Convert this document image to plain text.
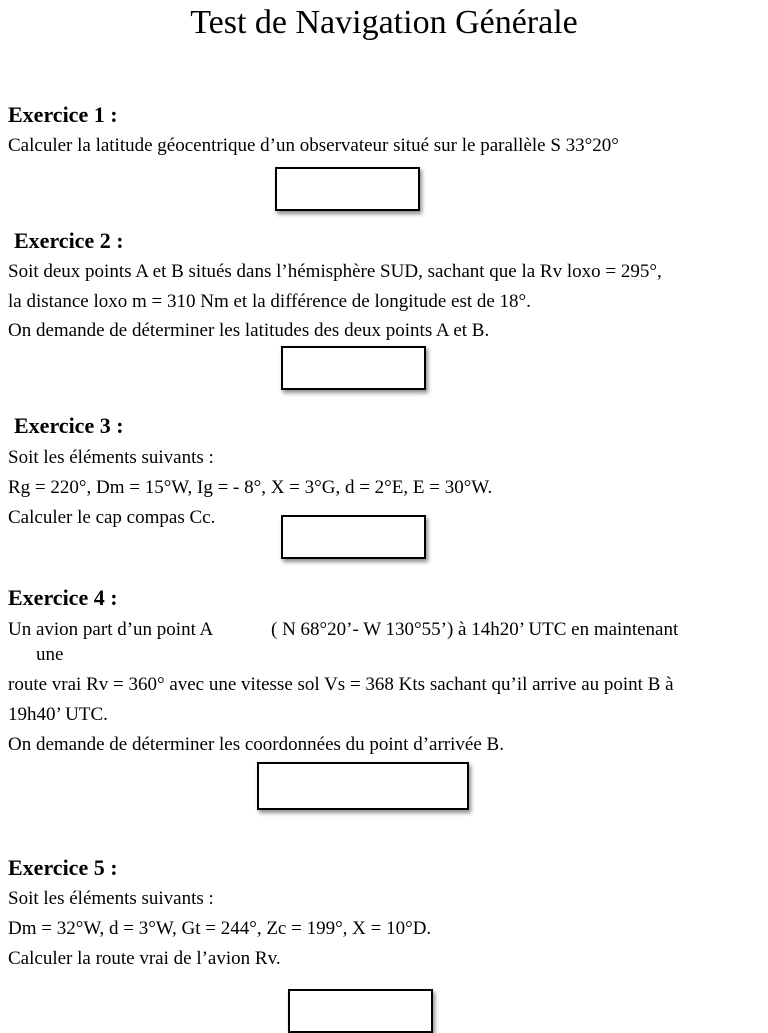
Test de Navigation Générale
Exercice 1 :
Calculer la latitude géocentrique d’un observateur situé sur le parallèle S 33°20°
Exercice 2 :
Soit deux points A et B situés dans l’hémisphère SUD, sachant que la Rv loxo = 295°,
la distance loxo m = 310 Nm et la différence de longitude est de 18°.
On demande de déterminer les latitudes des deux points A et B.
Exercice 3 :
Soit les éléments suivants :
Rg = 220°, Dm = 15°W, Ig = - 8°, X = 3°G, d = 2°E, E = 30°W.
Calculer le cap compas Cc.
Exercice 4 :
Un avion part d’un point A	( N 68°20’- W 130°55’) à 14h20’ UTC en maintenant
une
route vrai Rv = 360° avec une vitesse sol Vs = 368 Kts sachant qu’il arrive au point B à
19h40’ UTC.
On demande de déterminer les coordonnées du point d’arrivée B.
Exercice 5 :
Soit les éléments suivants :
Dm = 32°W, d = 3°W, Gt = 244°, Zc = 199°, X = 10°D.
Calculer la route vrai de l’avion Rv.
